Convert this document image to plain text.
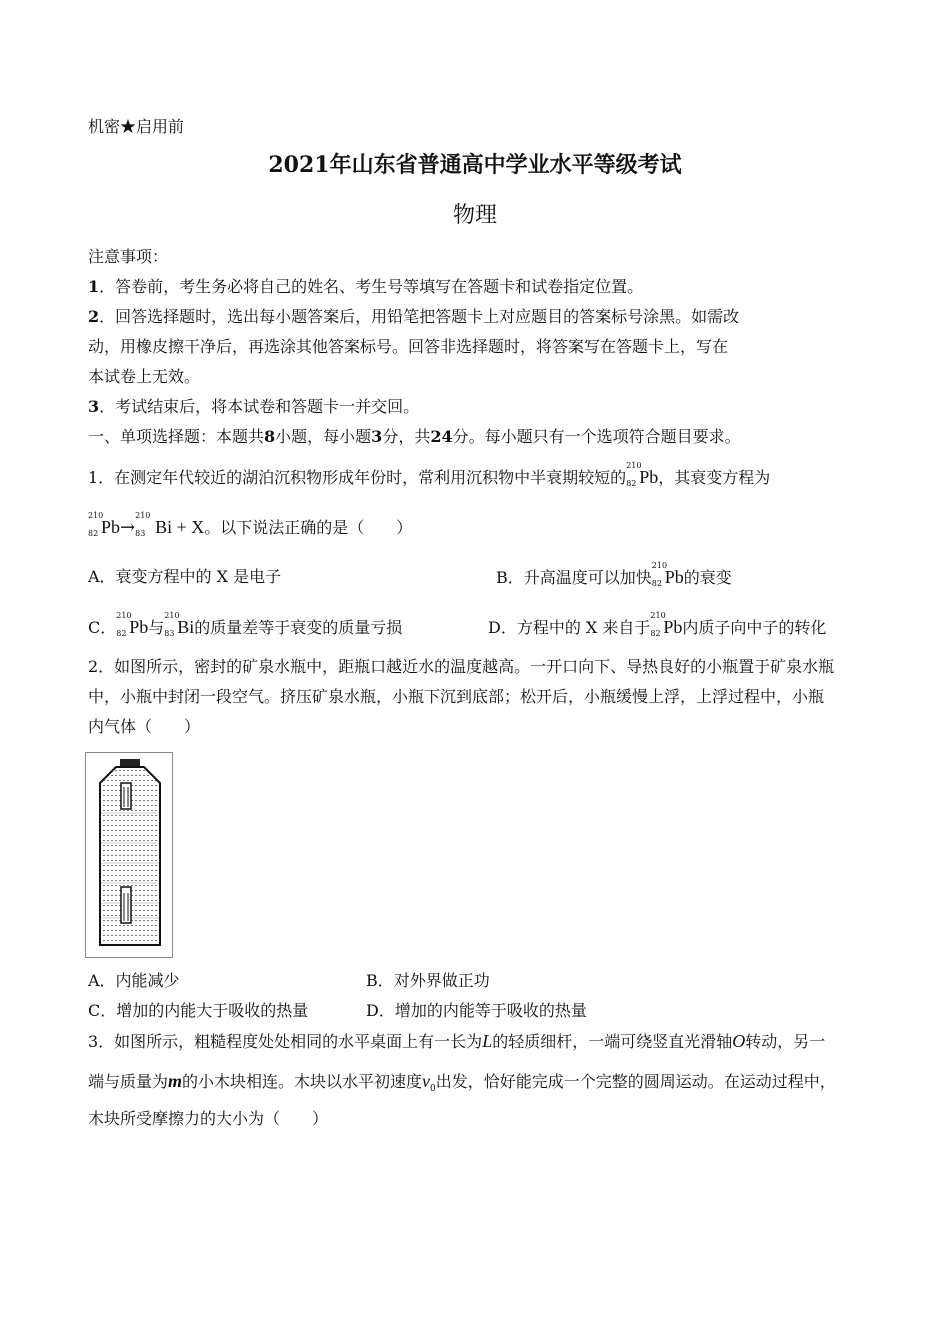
机密★启用前
2021年山东省普通高中学业水平等级考试
物理
注意事项：
1．答卷前，考生务必将自己的姓名、考生号等填写在答题卡和试卷指定位置。
2．回答选择题时，选出每小题答案后，用铅笔把答题卡上对应题目的答案标号涂黑。如需改
动，用橡皮擦干净后，再选涂其他答案标号。回答非选择题时，将答案写在答题卡上，写在
本试卷上无效。
3．考试结束后，将本试卷和答题卡一并交回。
一、单项选择题：本题共8小题，每小题3分，共24分。每小题只有一个选项符合题目要求。
1．在测定年代较近的湖泊沉积物形成年份时，常利用沉积物中半衰期较短的
210
82 Pb，其衰变方程为
210
82 Pb→
210
83 Bi + X。以下说法正确的是（　　）
A．衰变方程中的 X 是电子	B．升高温度可以加快
210
82 Pb的衰变
C．
210
82 Pb与
210
83 Bi的质量差等于衰变的质量亏损	D．方程中的 X 来自于
210
82 Pb内质子向中子的转化
2．如图所示，密封的矿泉水瓶中，距瓶口越近水的温度越高。一开口向下、导热良好的小瓶置于矿泉水瓶
中，小瓶中封闭一段空气。挤压矿泉水瓶，小瓶下沉到底部；松开后，小瓶缓慢上浮，上浮过程中，小瓶
内气体（　　）
A．内能减少	B．对外界做正功
C．增加的内能大于吸收的热量	D．增加的内能等于吸收的热量
3．如图所示，粗糙程度处处相同的水平桌面上有一长为L的轻质细杆，一端可绕竖直光滑轴O转动，另一
端与质量为m的小木块相连。木块以水平初速度$v_0$出发，恰好能完成一个完整的圆周运动。在运动过程中，
木块所受摩擦力的大小为（　　）
